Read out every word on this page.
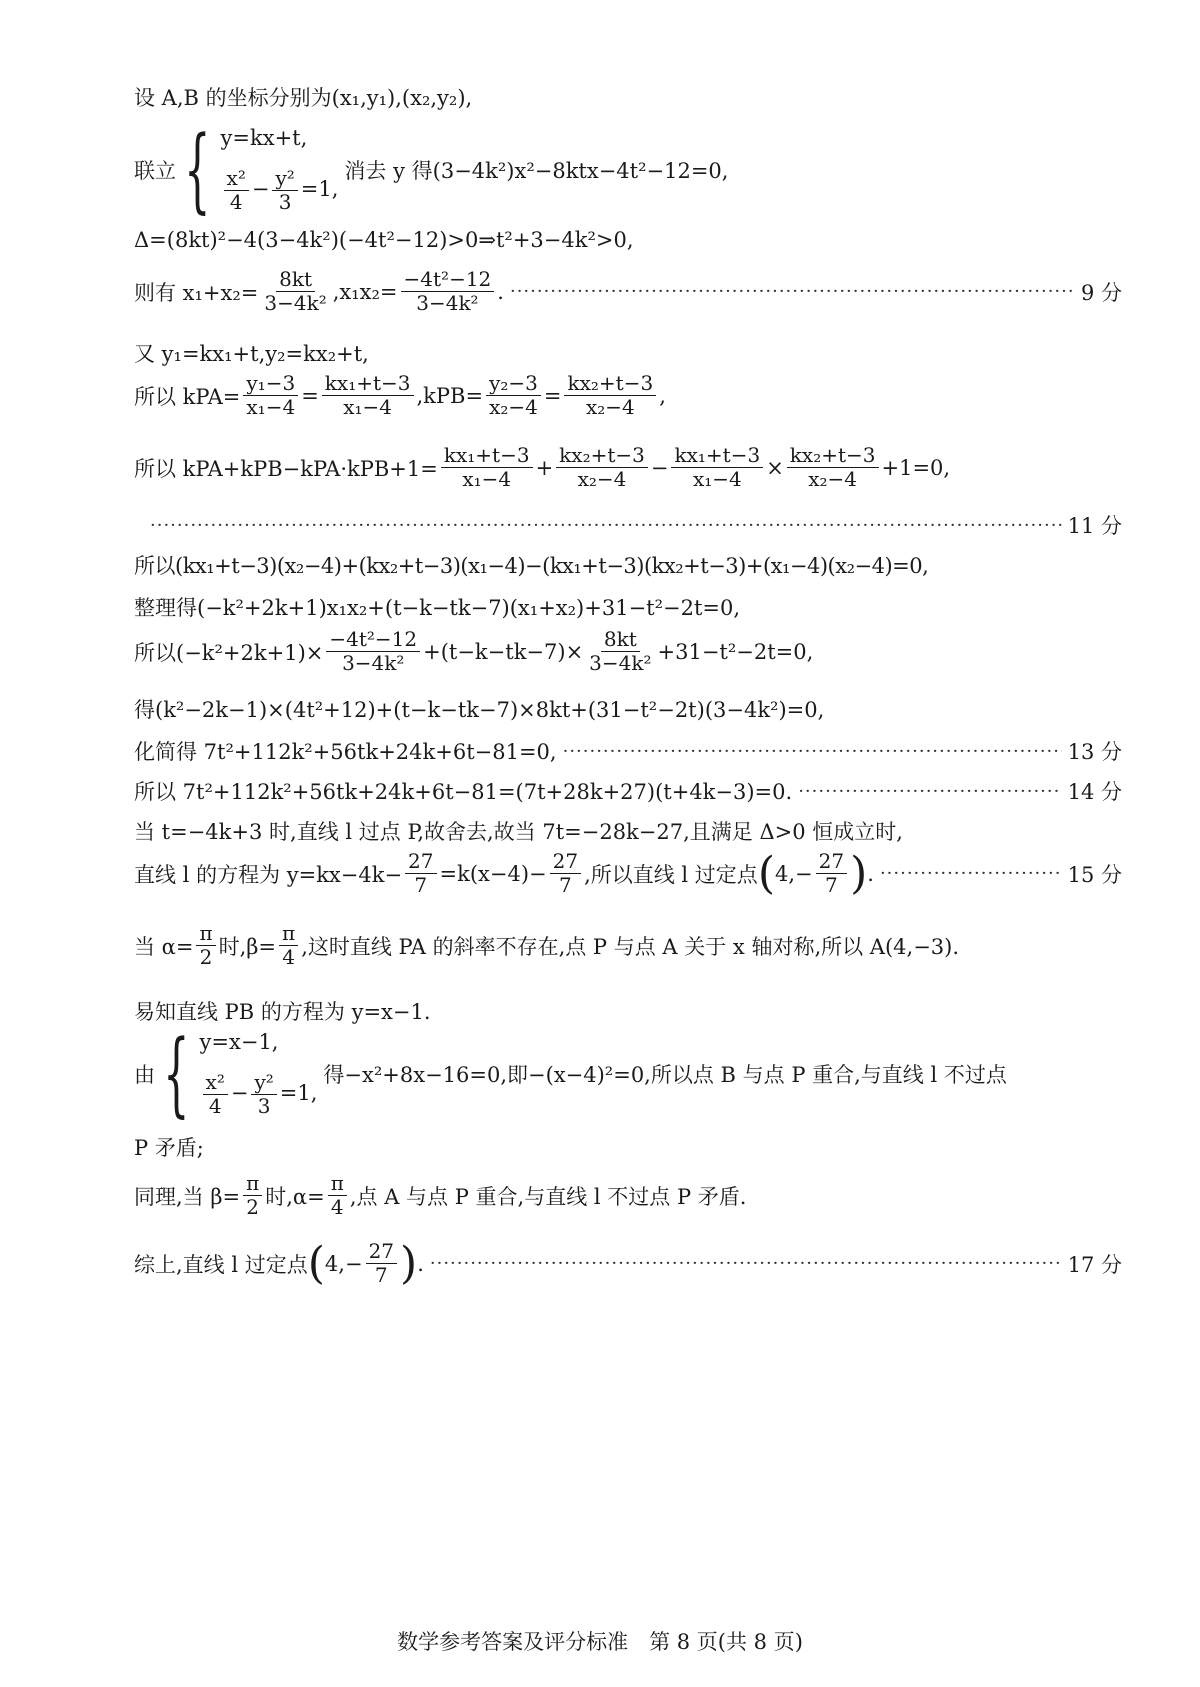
设 A,B 的坐标分别为(x₁,y₁),(x₂,y₂),
联立 { y=kx+t,
$\frac{\text{x²}}{4} - \frac{\text{y²}}{3} =1$,
消去 y 得(3−4k²)x²−8ktx−4t²−12=0,
Δ=(8kt)²−4(3−4k²)(−4t²−12)>0⇒t²+3−4k²>0,
则有 $x_1+x_2= \frac{8kt}{\text{3−4k²}} ,x_1x_2= \frac{\text{−4t²−12}}{\text{3−4k²}}$ . ·····	9 分
又 y₁=kx₁+t,y₂=kx₂+t,
所以 $kPA= \frac{\text{y₁−3}}{\text{x₁−4}} = \frac{\text{kx₁+t−3}}{\text{x₁−4}} ,kPB= \frac{\text{y₂−3}}{\text{x₂−4}} = \frac{\text{kx₂+t−3}}{\text{x₂−4}}$ ,
所以 $kPA+kPB-kPA\cdot kPB+1= \frac{\text{kx₁+t−3}}{\text{x₁−4}} + \frac{\text{kx₂+t−3}}{\text{x₂−4}} - \frac{\text{kx₁+t−3}}{\text{x₁−4}} \times \frac{\text{kx₂+t−3}}{\text{x₂−4}} +1=0$,
·····
11 分
所以(kx₁+t−3)(x₂−4)+(kx₂+t−3)(x₁−4)−(kx₁+t−3)(kx₂+t−3)+(x₁−4)(x₂−4)=0,
整理得(−k²+2k+1)x₁x₂+(t−k−tk−7)(x₁+x₂)+31−t²−2t=0,
所以$(-k^2+2k+1)\times \frac{\text{−4t²−12}}{\text{3−4k²}} +(t-k-tk-7)\times \frac{8kt}{\text{3−4k²}} +31-t^2-2t=0$,
得(k²−2k−1)×(4t²+12)+(t−k−tk−7)×8kt+(31−t²−2t)(3−4k²)=0,
化简得 7t²+112k²+56tk+24k+6t−81=0, ·····	13 分
所以 7t²+112k²+56tk+24k+6t−81=(7t+28k+27)(t+4k−3)=0. ·····	14 分
当 t=−4k+3 时,直线 l 过点 P,故舍去,故当 7t=−28k−27,且满足 Δ>0 恒成立时,
直线 l 的方程为 $y=kx-4k- \frac{27}{7} =k(x-4)- \frac{27}{7}$ ,所以直线 l 过定点 ( $4,- \frac{27}{7}$ ) . ·····	15 分
当 $\alpha= \frac{\pi}{2}$ 时$,\beta= \frac{\pi}{4}$ ,这时直线 PA 的斜率不存在,点 P 与点 A 关于 x 轴对称,所以 A(4,−3).
易知直线 PB 的方程为 y=x−1.
由 { y=x−1,
$\frac{\text{x²}}{4} - \frac{\text{y²}}{3} =1$,
得−x²+8x−16=0,即−(x−4)²=0,所以点 B 与点 P 重合,与直线 l 不过点
P 矛盾;
同理,当 $\beta= \frac{\pi}{2}$ 时$,\alpha= \frac{\pi}{4}$ ,点 A 与点 P 重合,与直线 l 不过点 P 矛盾.
综上,直线 l 过定点 ( $4,- \frac{27}{7}$ ) . ·····	17 分
数学参考答案及评分标准　第 8 页(共 8 页)
